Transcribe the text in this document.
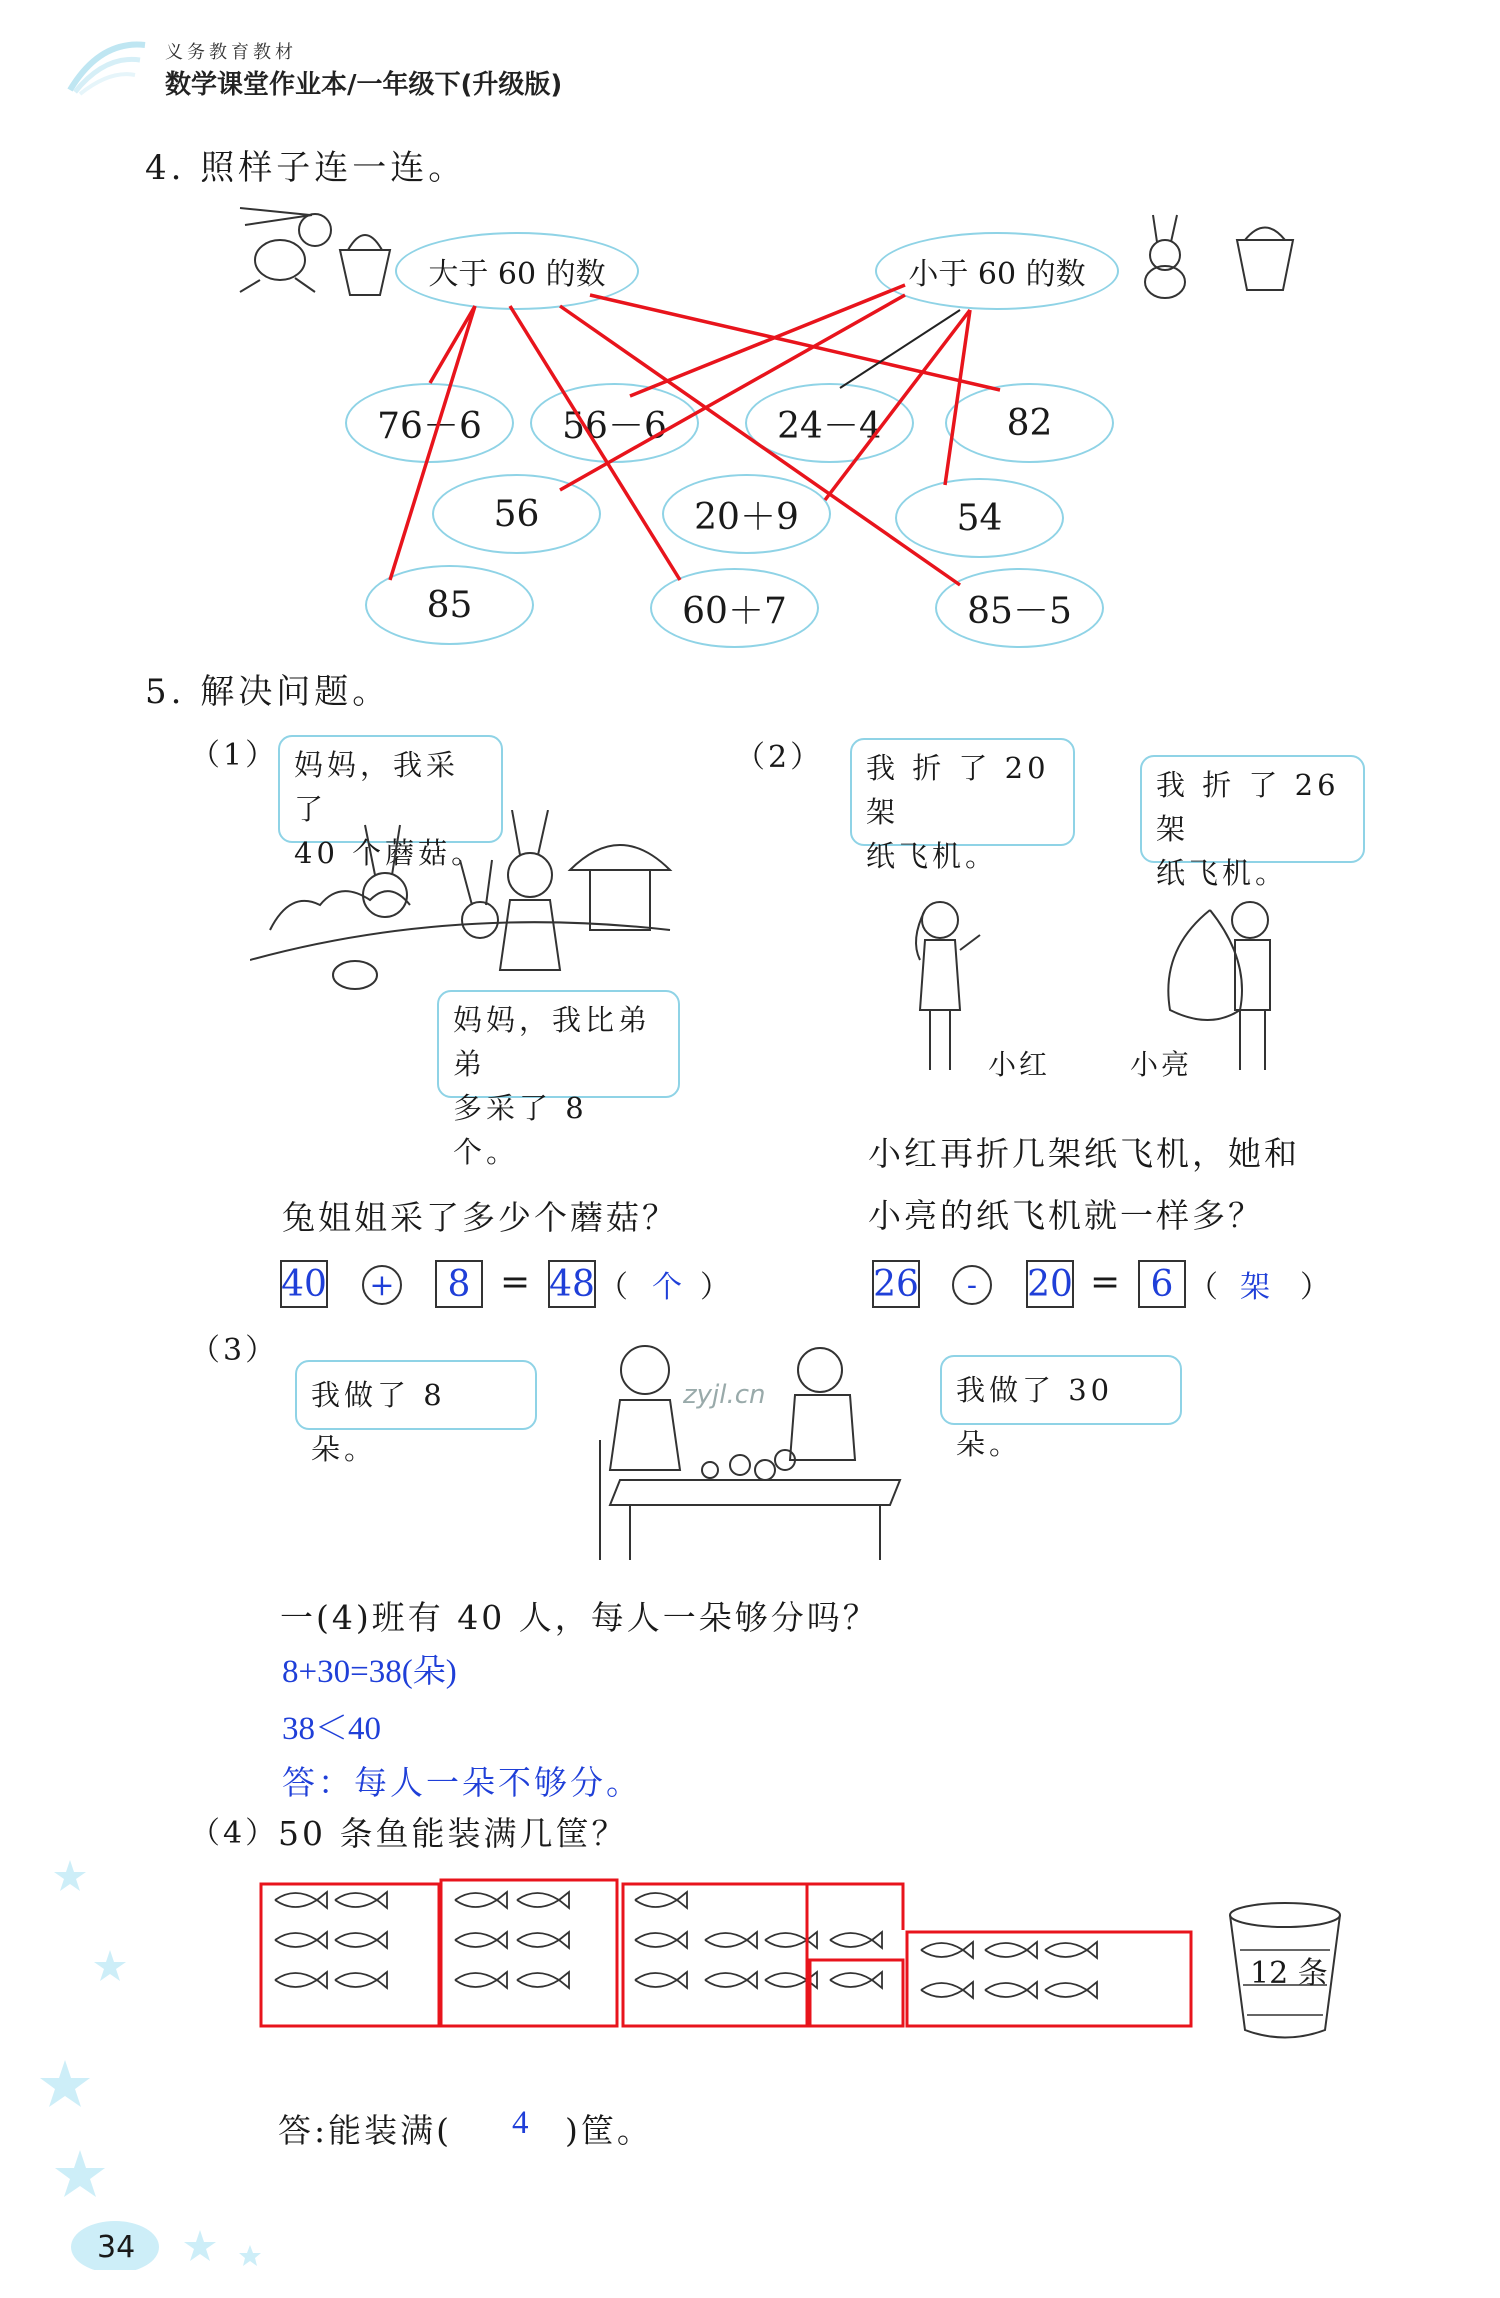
义务教育教材
数学课堂作业本/一年级下(升级版)
4. 照样子连一连。
大于 60 的数	小于 60 的数
76－6	56－6	24－4	82
56	20＋9	54
85	60＋7	85－5
5. 解决问题。
（1） 妈妈，我采了
40 个蘑菇。
妈妈，我比弟弟
多采了 8 个。
兔姐姐采了多少个蘑菇？
40 +	8 = 48 （ 个 ）
（2） 我 折 了 20 架
纸飞机。
我 折 了 26 架
纸飞机。
小红	小亮
小红再折几架纸飞机，她和
小亮的纸飞机就一样多？
26	-	20 = 6 （ 架 ）
（3）
我做了 8 朵。
我做了 30 朵。
zyjl.cn
一(4)班有 40 人，每人一朵够分吗？
8+30=38(朵)
38＜40
答：每人一朵不够分。
（4） 50 条鱼能装满几筐？
12 条
答:能装满( 4 )筐。
34
